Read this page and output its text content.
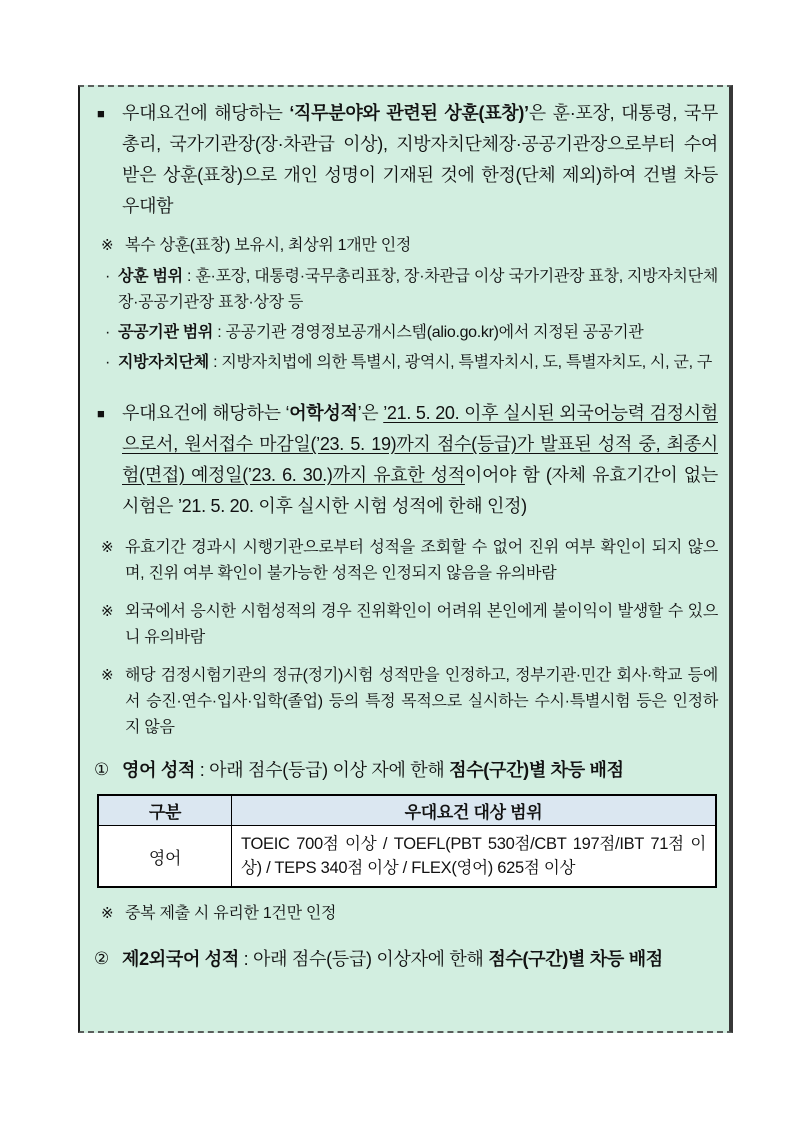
■ 우대요건에 해당하는 ‘직무분야와 관련된 상훈(표창)’은 훈·포장, 대통령, 국무총리, 국가기관장(장·차관급 이상), 지방자치단체장·공공기관장으로부터 수여받은 상훈(표창)으로 개인 성명이 기재된 것에 한정(단체 제외)하여 건별 차등 우대함
※ 복수 상훈(표창) 보유시, 최상위 1개만 인정
· 상훈 범위 : 훈·포장, 대통령·국무총리표창, 장·차관급 이상 국가기관장 표창, 지방자치단체장·공공기관장 표창·상장 등
· 공공기관 범위 : 공공기관 경영정보공개시스템(alio.go.kr)에서 지정된 공공기관
· 지방자치단체 : 지방자치법에 의한 특별시, 광역시, 특별자치시, 도, 특별자치도, 시, 군, 구
■ 우대요건에 해당하는 ‘어학성적’은 ’21. 5. 20. 이후 실시된 외국어능력 검정시험으로서, 원서접수 마감일(’23. 5. 19)까지 점수(등급)가 발표된 성적 중, 최종시험(면접) 예정일(’23. 6. 30.)까지 유효한 성적이어야 함 (자체 유효기간이 없는 시험은 ’21. 5. 20. 이후 실시한 시험 성적에 한해 인정)
※ 유효기간 경과시 시행기관으로부터 성적을 조회할 수 없어 진위 여부 확인이 되지 않으며, 진위 여부 확인이 불가능한 성적은 인정되지 않음을 유의바람
※ 외국에서 응시한 시험성적의 경우 진위확인이 어려워 본인에게 불이익이 발생할 수 있으니 유의바람
※ 해당 검정시험기관의 정규(정기)시험 성적만을 인정하고, 정부기관·민간 회사·학교 등에서 승진·연수·입사·입학(졸업) 등의 특정 목적으로 실시하는 수시·특별시험 등은 인정하지 않음
① 영어 성적 : 아래 점수(등급) 이상 자에 한해 점수(구간)별 차등 배점
구분	우대요건 대상 범위
영어	TOEIC 700점 이상 / TOEFL(PBT 530점/CBT 197점/IBT 71점 이상) / TEPS 340점 이상 / FLEX(영어) 625점 이상
※ 중복 제출 시 유리한 1건만 인정
② 제2외국어 성적 : 아래 점수(등급) 이상자에 한해 점수(구간)별 차등 배점
